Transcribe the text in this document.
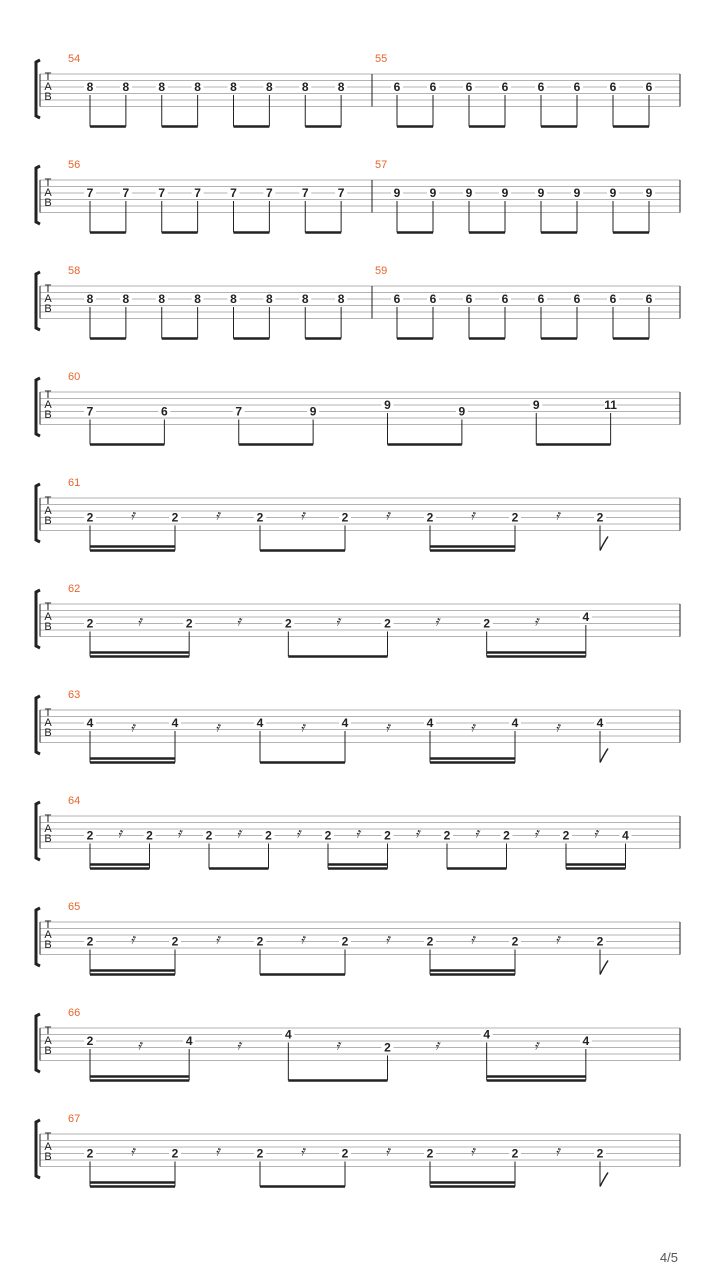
T
A
B
54
8 8 8 8 8 8 8 8
55
6 6 6 6 6 6 6 6
T
A
B
56
7 7 7 7 7 7 7 7
57
9 9 9 9 9 9 9 9
T
A
B
58
8 8 8 8 8 8 8 8
59
6 6 6 6 6 6 6 6
T
A
B
60
7	6	7	9	9	9	9	11
T
A
B
61
2	2	2	2	2	2	2
𝄿	𝄿	𝄿	𝄿	𝄿	𝄿
T
A
B
62
2	2	2	2	2	4
𝄿	𝄿	𝄿	𝄿	𝄿
T
A
B
63
4	4	4	4	4	4	4
𝄿	𝄿	𝄿	𝄿	𝄿	𝄿
T
A
B
64
2	2	2	2	2	2	2	2	2	4
𝄿	𝄿	𝄿	𝄿	𝄿	𝄿	𝄿	𝄿	𝄿
T
A
B
65
2	2	2	2	2	2	2
𝄿	𝄿	𝄿	𝄿	𝄿	𝄿
T
A
B
66
2	4	4
2
4	4
𝄿	𝄿	𝄿	𝄿	𝄿
T
A
B
67
2	2	2	2	2	2	2
𝄿	𝄿	𝄿	𝄿	𝄿	𝄿
4/5
